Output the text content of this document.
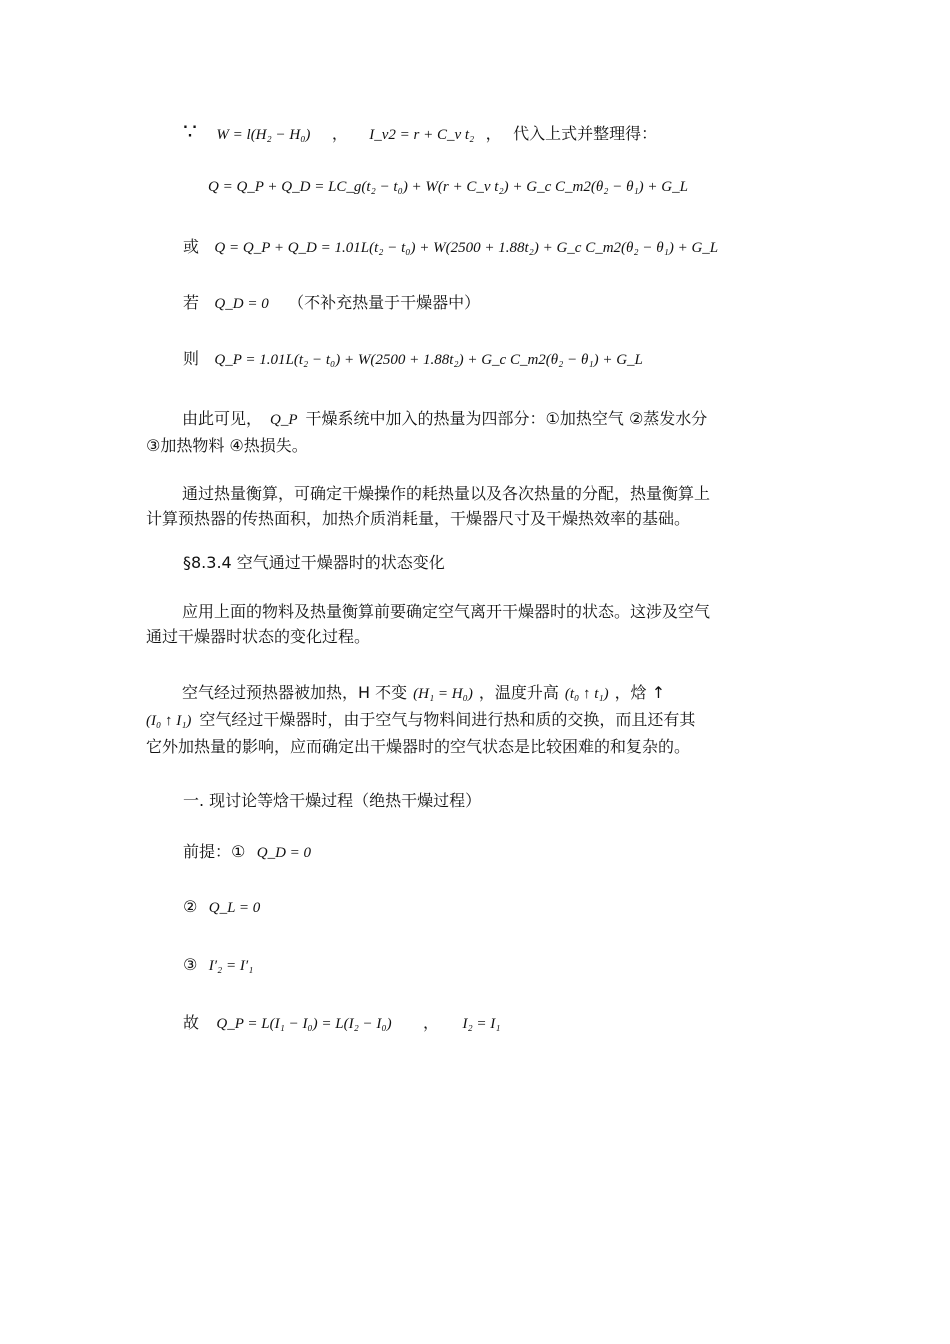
∵ W = l(H₂ − H₀) ， I_v2 = r + C_v t₂ ， 代入上式并整理得：
Q = Q_P + Q_D = LC_g(t₂ − t₀) + W(r + C_v t₂) + G_c C_m2(θ₂ − θ₁) + G_L
或 Q = Q_P + Q_D = 1.01L(t₂ − t₀) + W(2500 + 1.88t₂) + G_c C_m2(θ₂ − θ₁) + G_L
若 Q_D = 0 （不补充热量于干燥器中）
则 Q_P = 1.01L(t₂ − t₀) + W(2500 + 1.88t₂) + G_c C_m2(θ₂ − θ₁) + G_L
由此可见， Q_P 干燥系统中加入的热量为四部分：①加热空气 ②蒸发水分
③加热物料 ④热损失。
通过热量衡算，可确定干燥操作的耗热量以及各次热量的分配，热量衡算上
计算预热器的传热面积，加热介质消耗量，干燥器尺寸及干燥热效率的基础。
§8.3.4 空气通过干燥器时的状态变化
应用上面的物料及热量衡算前要确定空气离开干燥器时的状态。这涉及空气
通过干燥器时状态的变化过程。
空气经过预热器被加热，H 不变 (H₁ = H₀) ，温度升高 (t₀ ↑ t₁) ，焓 ↑
(I₀ ↑ I₁) 空气经过干燥器时，由于空气与物料间进行热和质的交换，而且还有其
它外加热量的影响，应而确定出干燥器时的空气状态是比较困难的和复杂的。
一. 现讨论等焓干燥过程（绝热干燥过程）
前提：① Q_D = 0
② Q_L = 0
③ I′₂ = I′₁
故 Q_P = L(I₁ − I₀) = L(I₂ − I₀) ， I₂ = I₁
